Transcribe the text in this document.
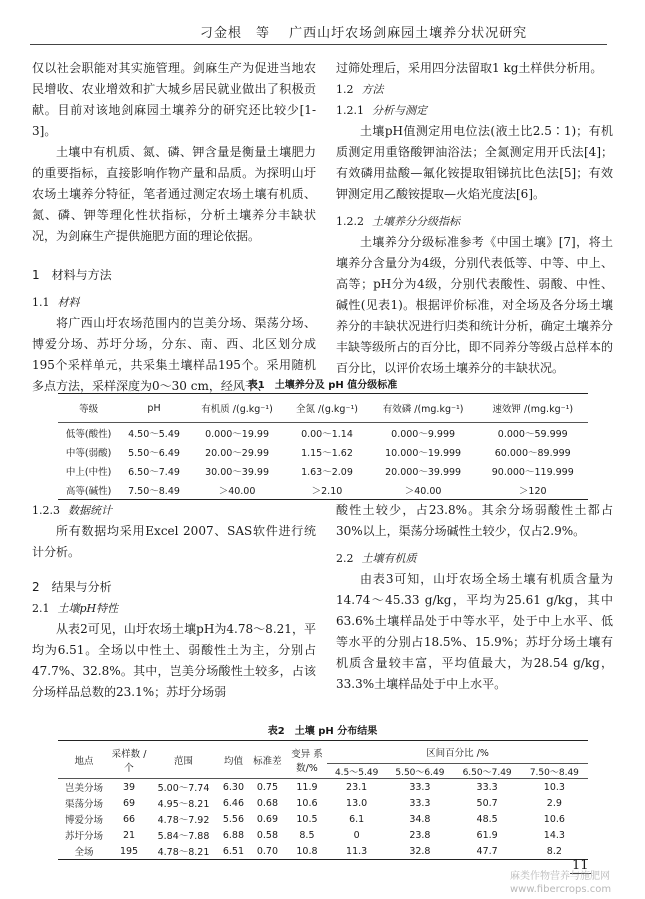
刁金根　等　 广西山圩农场剑麻园土壤养分状况研究

仅以社会职能对其实施管理。剑麻生产为促进当地农民增收、农业增效和扩大城乡居民就业做出了积极贡献。目前对该地剑麻园土壤养分的研究还比较少[1-3]。

土壤中有机质、氮、磷、钾含量是衡量土壤肥力的重要指标，直接影响作物产量和品质。为探明山圩农场土壤养分特征，笔者通过测定农场土壤有机质、氮、磷、钾等理化性状指标，分析土壤养分丰缺状况，为剑麻生产提供施肥方面的理论依据。

1　材料与方法

1.1 材料

将广西山圩农场范围内的岂美分场、渠荡分场、博爱分场、苏圩分场，分东、南、西、北区划分成195个采样单元，共采集土壤样品195个。采用随机多点方法，采样深度为0～30 cm，经风干、

过筛处理后，采用四分法留取1 kg土样供分析用。

1.2 方法

1.2.1 分析与测定

土壤pH值测定用电位法(液土比2.5∶1)；有机质测定用重铬酸钾油浴法；全氮测定用开氏法[4]；有效磷用盐酸—氟化铵提取钼锑抗比色法[5]；有效钾测定用乙酸铵提取—火焰光度法[6]。

1.2.2 土壤养分分级指标

土壤养分分级标准参考《中国土壤》[7]，将土壤养分含量分为4级，分别代表低等、中等、中上、高等；pH分为4级，分别代表酸性、弱酸、中性、碱性(见表1)。根据评价标准，对全场及各分场土壤养分的丰缺状况进行归类和统计分析，确定土壤养分丰缺等级所占的百分比，即不同养分等级占总样本的百分比，以评价农场土壤养分的丰缺状况。

表1　土壤养分及 pH 值分级标准
等级	pH	有机质 /(g.kg⁻¹)	全氮 /(g.kg⁻¹)	有效磷 /(mg.kg⁻¹)	速效钾 /(mg.kg⁻¹)
低等(酸性)	4.50～5.49	0.000～19.99	0.00～1.14	0.000～9.999	0.000～59.999
中等(弱酸)	5.50～6.49	20.00～29.99	1.15～1.62	10.000～19.999	60.000～89.999
中上(中性)	6.50～7.49	30.00～39.99	1.63～2.09	20.000～39.999	90.000～119.999
高等(碱性)	7.50～8.49	＞40.00	＞2.10	＞40.00	＞120

1.2.3 数据统计

所有数据均采用Excel 2007、SAS软件进行统计分析。

2　结果与分析

2.1 土壤pH特性

从表2可见，山圩农场土壤pH为4.78～8.21，平均为6.51。全场以中性土、弱酸性土为主，分别占47.7%、32.8%。其中，岂美分场酸性土较多，占该分场样品总数的23.1%；苏圩分场弱

酸性土较少，占23.8%。其余分场弱酸性土都占30%以上，渠荡分场碱性土较少，仅占2.9%。

2.2 土壤有机质

由表3可知，山圩农场全场土壤有机质含量为14.74～45.33 g/kg，平均为25.61 g/kg，其中63.6%土壤样品处于中等水平，处于中上水平、低等水平的分别占18.5%、15.9%；苏圩分场土壤有机质含量较丰富，平均值最大，为28.54 g/kg，33.3%土壤样品处于中上水平。

表2　土壤 pH 分布结果
地点	采样数 /个	范围	均值	标准差	变异 系数/%	区间百分比 /%			
						4.5～5.49	5.50～6.49	6.50～7.49	7.50～8.49
岂美分场	39	5.00～7.74	6.30	0.75	11.9	23.1	33.3	33.3	10.3
渠荡分场	69	4.95～8.21	6.46	0.68	10.6	13.0	33.3	50.7	2.9
博爱分场	66	4.78～7.92	5.56	0.69	10.5	6.1	34.8	48.5	10.6
苏圩分场	21	5.84～7.88	6.88	0.58	8.5	0	23.8	61.9	14.3
全场	195	4.78～8.21	6.51	0.70	10.8	11.3	32.8	47.7	8.2
11
麻类作物营养与施肥网
www.fibercrops.com
